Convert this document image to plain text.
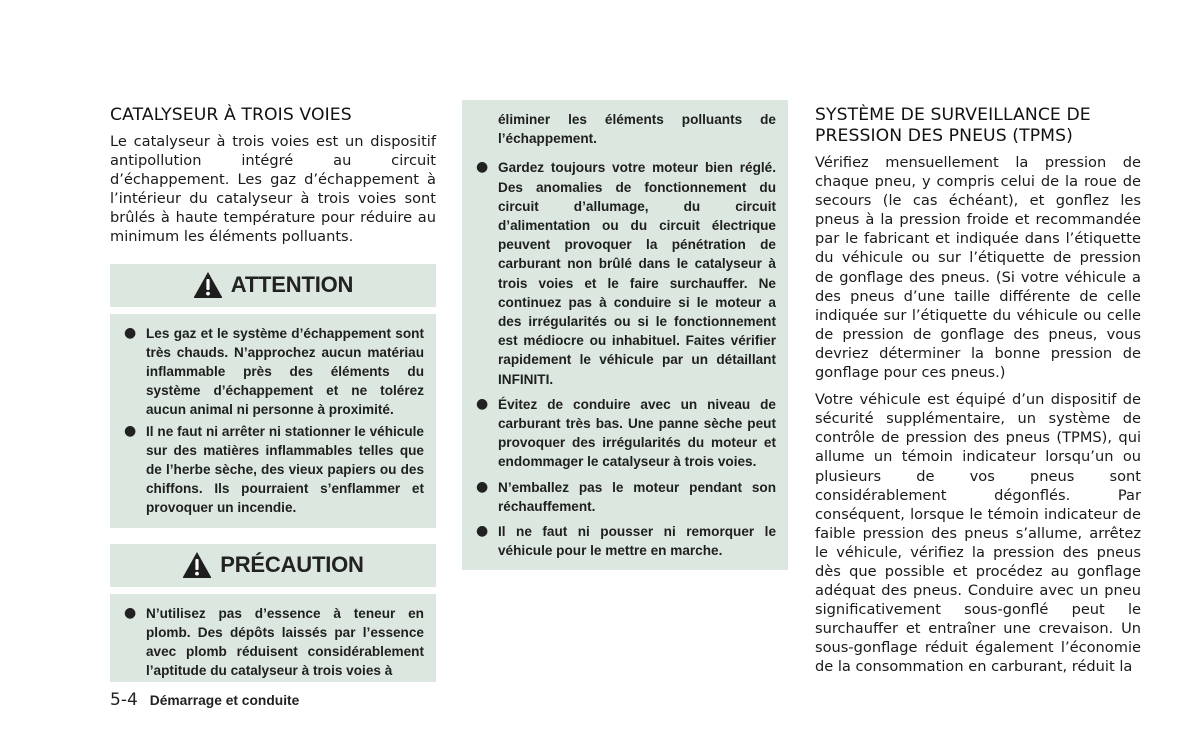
CATALYSEUR À TROIS VOIES

Le catalyseur à trois voies est un dispositif antipollution intégré au circuit d’échappement. Les gaz d’échappement à l’intérieur du catalyseur à trois voies sont brûlés à haute température pour réduire au minimum les éléments polluants.

ATTENTION
● Les gaz et le système d’échappement sont très chauds. N’approchez aucun matériau inflammable près des éléments du système d’échappement et ne tolérez aucun animal ni personne à proximité.
● Il ne faut ni arrêter ni stationner le véhicule sur des matières inflammables telles que de l’herbe sèche, des vieux papiers ou des chiffons. Ils pourraient s’enflammer et provoquer un incendie.
PRÉCAUTION
● N’utilisez pas d’essence à teneur en plomb. Des dépôts laissés par l’essence avec plomb réduisent considérablement l’aptitude du catalyseur à trois voies à
éliminer les éléments polluants de l’échappement.
● Gardez toujours votre moteur bien réglé. Des anomalies de fonctionnement du circuit d’allumage, du circuit d’alimentation ou du circuit électrique peuvent provoquer la pénétration de carburant non brûlé dans le catalyseur à trois voies et le faire surchauffer. Ne continuez pas à conduire si le moteur a des irrégularités ou si le fonctionnement est médiocre ou inhabituel. Faites vérifier rapidement le véhicule par un détaillant INFINITI.
● Évitez de conduire avec un niveau de carburant très bas. Une panne sèche peut provoquer des irrégularités du moteur et endommager le catalyseur à trois voies.
● N’emballez pas le moteur pendant son réchauffement.
● Il ne faut ni pousser ni remorquer le véhicule pour le mettre en marche.
SYSTÈME DE SURVEILLANCE DE PRESSION DES PNEUS (TPMS)

Vérifiez mensuellement la pression de chaque pneu, y compris celui de la roue de secours (le cas échéant), et gonflez les pneus à la pression froide et recommandée par le fabricant et indiquée dans l’étiquette du véhicule ou sur l’étiquette de pression de gonflage des pneus. (Si votre véhicule a des pneus d’une taille différente de celle indiquée sur l’étiquette du véhicule ou celle de pression de gonflage des pneus, vous devriez déterminer la bonne pression de gonflage pour ces pneus.)

Votre véhicule est équipé d’un dispositif de sécurité supplémentaire, un système de contrôle de pression des pneus (TPMS), qui allume un témoin indicateur lorsqu’un ou plusieurs de vos pneus sont considérablement dégonflés. Par conséquent, lorsque le témoin indicateur de faible pression des pneus s’allume, arrêtez le véhicule, vérifiez la pression des pneus dès que possible et procédez au gonflage adéquat des pneus. Conduire avec un pneu significativement sous-gonflé peut le surchauffer et entraîner une crevaison. Un sous-gonflage réduit également l’économie de la consommation en carburant, réduit la

5-4 Démarrage et conduite
